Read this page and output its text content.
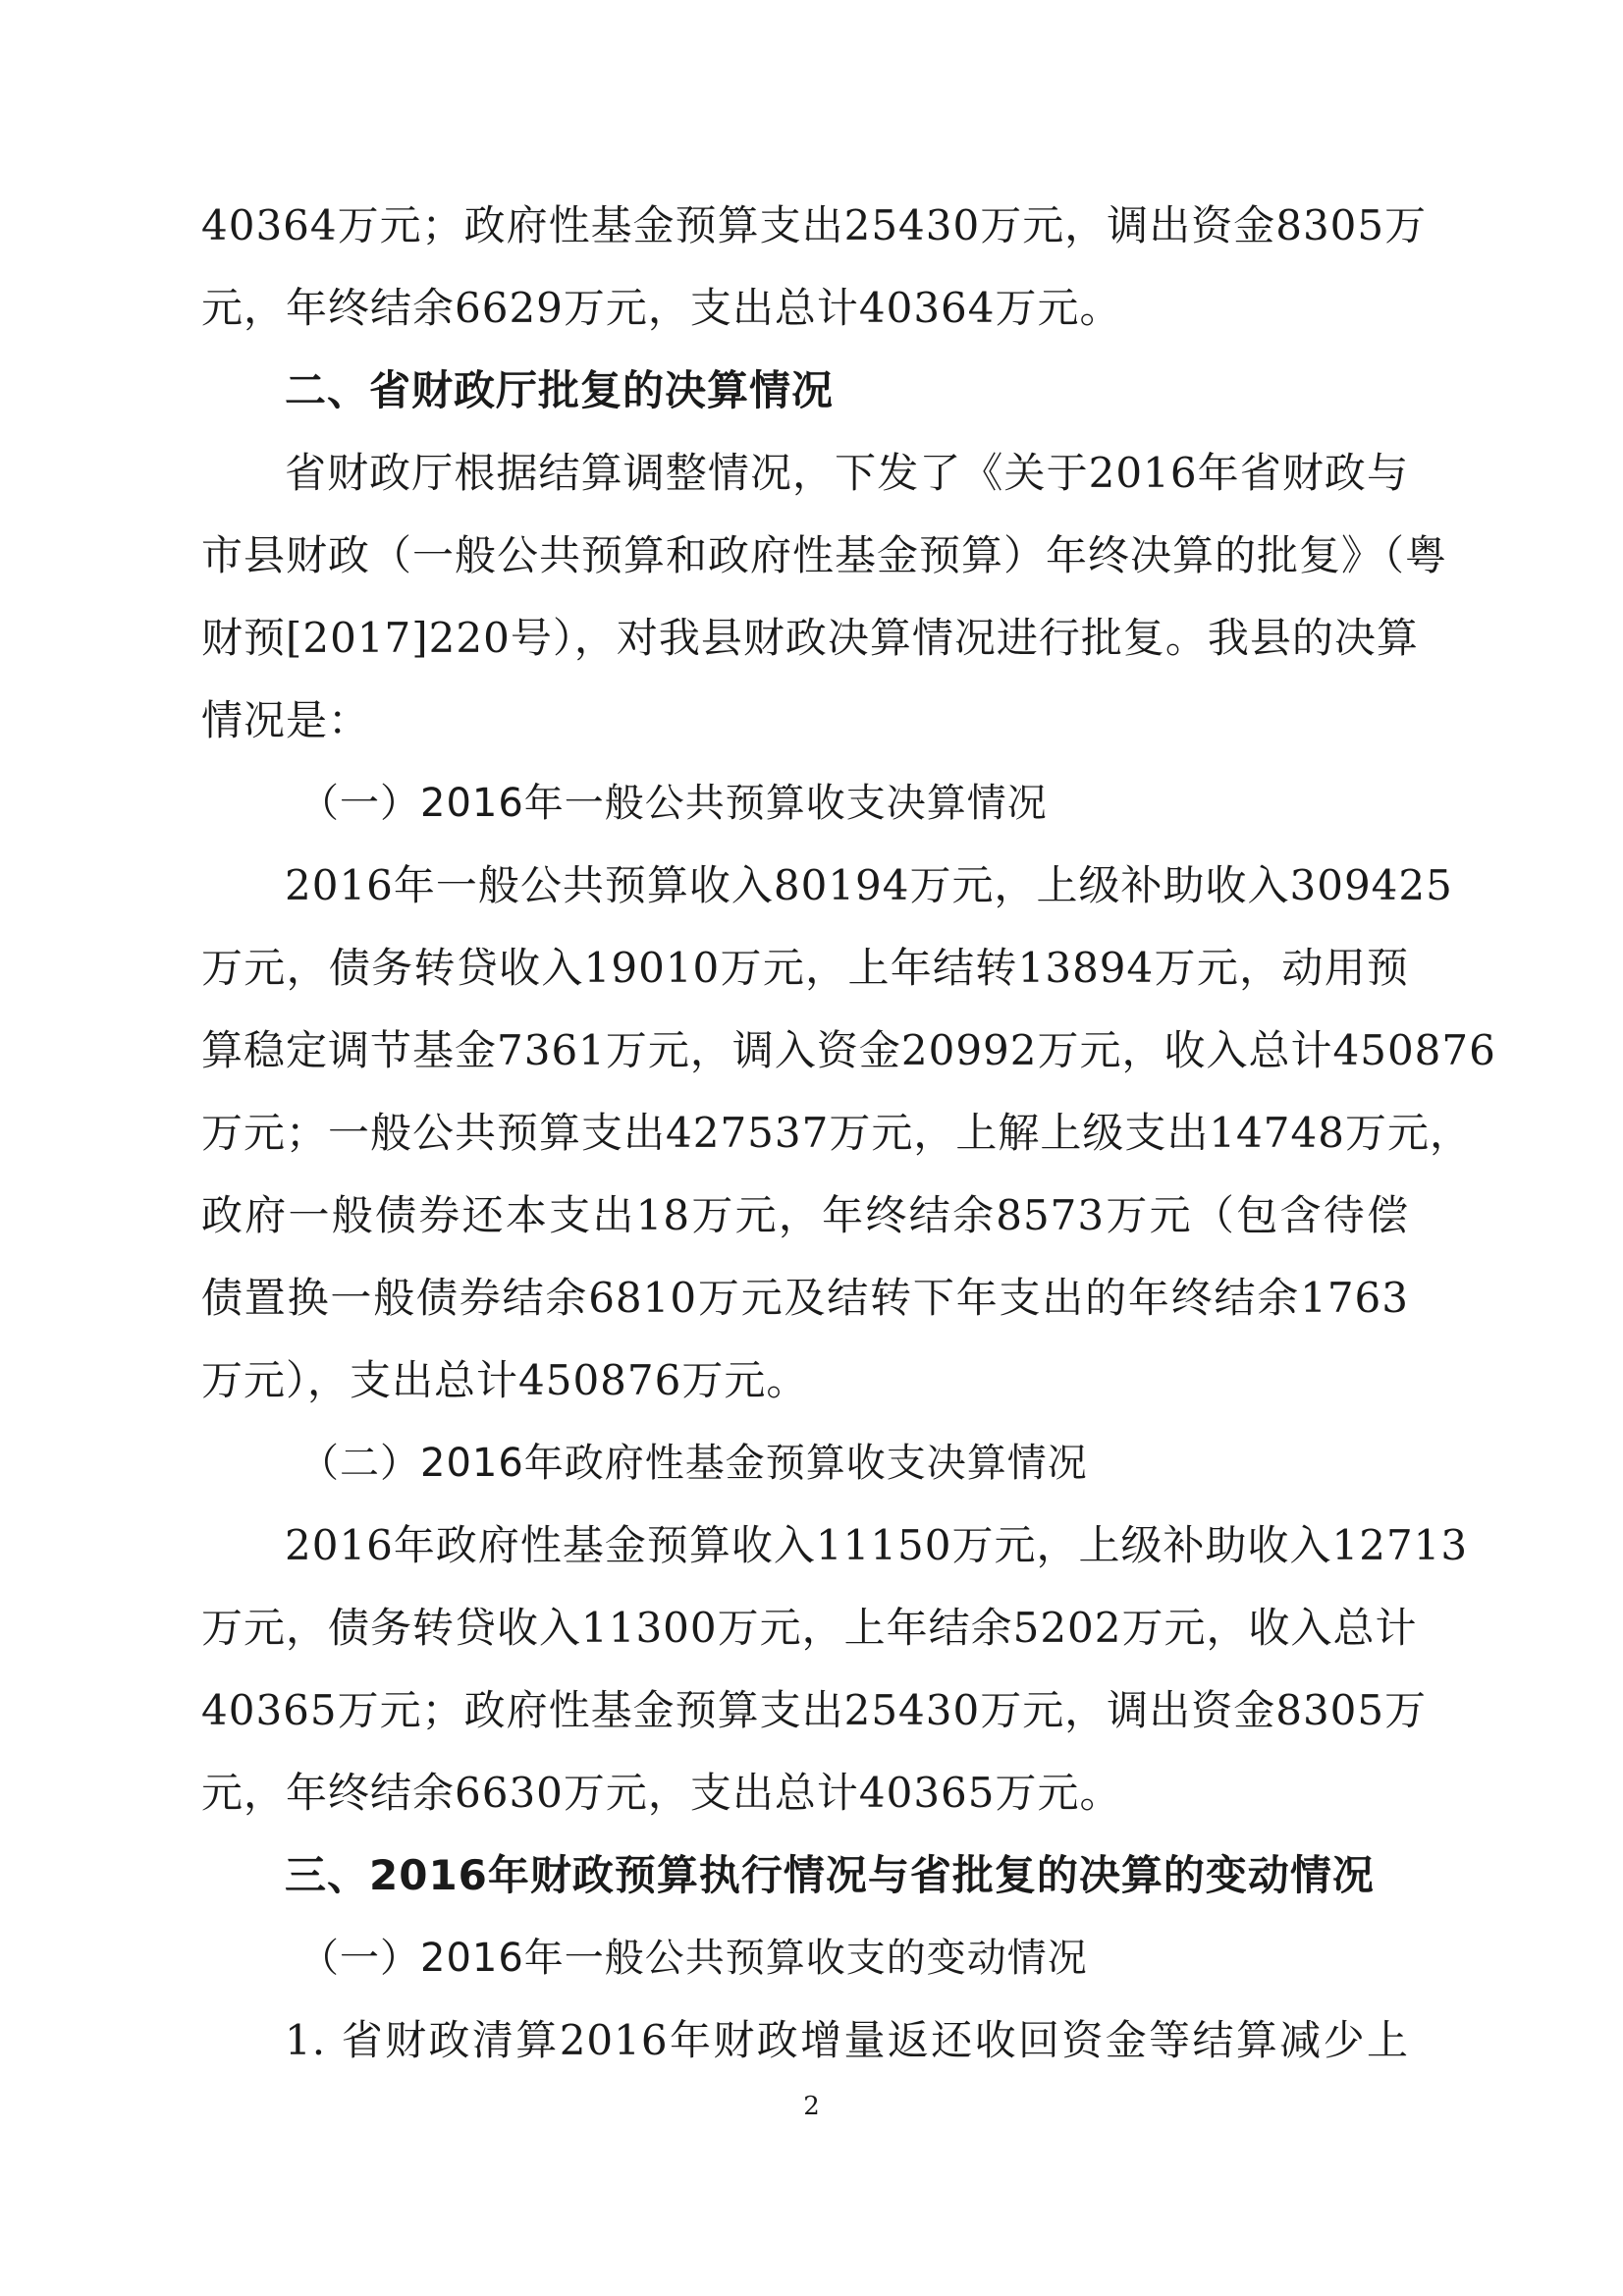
40364万元；政府性基金预算支出25430万元，调出资金8305万
元，年终结余6629万元，支出总计40364万元。
二、省财政厅批复的决算情况
省财政厅根据结算调整情况，下发了《关于2016年省财政与
市县财政（一般公共预算和政府性基金预算）年终决算的批复》（粤
财预[2017]220号），对我县财政决算情况进行批复。我县的决算
情况是：
（一）2016年一般公共预算收支决算情况
2016年一般公共预算收入80194万元，上级补助收入309425
万元，债务转贷收入19010万元，上年结转13894万元，动用预
算稳定调节基金7361万元，调入资金20992万元，收入总计450876
万元；一般公共预算支出427537万元，上解上级支出14748万元，
政府一般债券还本支出18万元，年终结余8573万元（包含待偿
债置换一般债券结余6810万元及结转下年支出的年终结余1763
万元），支出总计450876万元。
（二）2016年政府性基金预算收支决算情况
2016年政府性基金预算收入11150万元，上级补助收入12713
万元，债务转贷收入11300万元，上年结余5202万元，收入总计
40365万元；政府性基金预算支出25430万元，调出资金8305万
元，年终结余6630万元，支出总计40365万元。
三、2016年财政预算执行情况与省批复的决算的变动情况
（一）2016年一般公共预算收支的变动情况
1. 省财政清算2016年财政增量返还收回资金等结算减少上
2
